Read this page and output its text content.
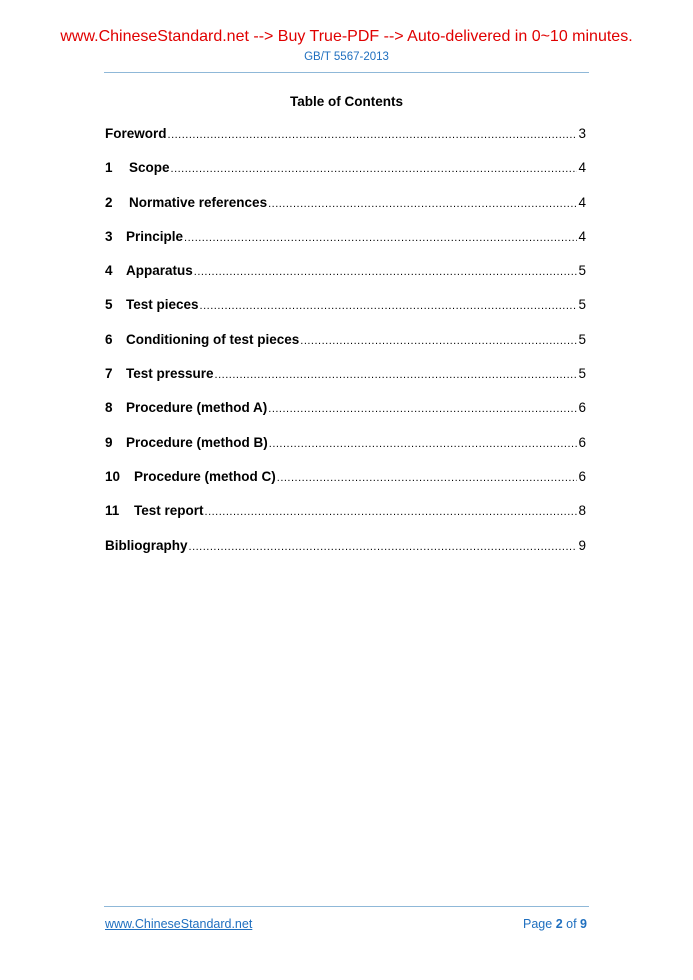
www.ChineseStandard.net --> Buy True-PDF --> Auto-delivered in 0~10 minutes.
GB/T 5567-2013
Table of Contents
Foreword .....	3
1	Scope .....	4
2	Normative references .....	4
3 Principle .....	4
4 Apparatus .....	5
5 Test pieces .....	5
6 Conditioning of test pieces .....	5
7 Test pressure .....	5
8 Procedure (method A) .....	6
9 Procedure (method B) .....	6
10	Procedure (method C) .....	6
11	Test report .....	8
Bibliography .....	9
www.ChineseStandard.net	Page 2 of 9
